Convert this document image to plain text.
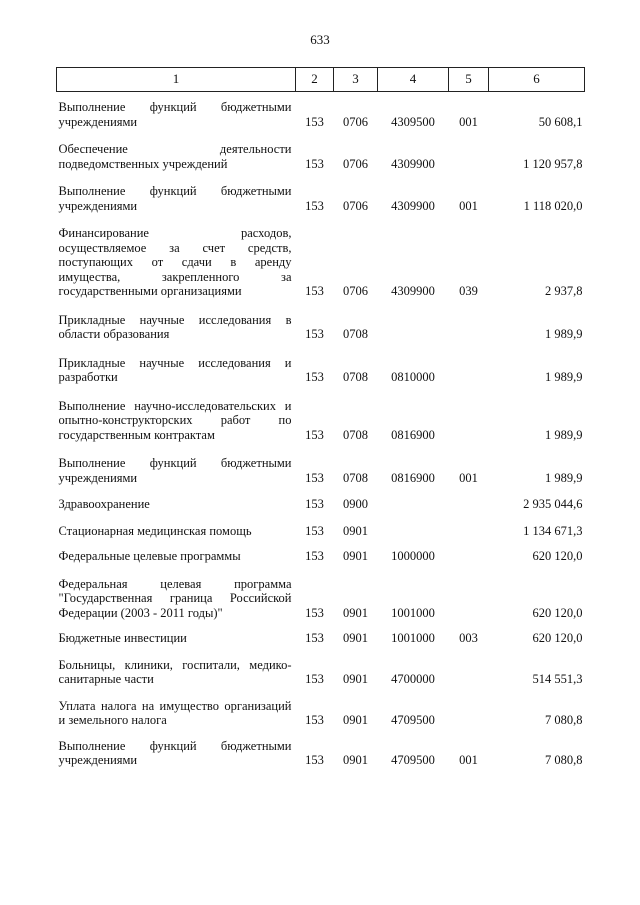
633
1	2	3	4	5	6

Выполнение функций бюджетными учреждениями	153	0706	4309500	001	50 608,1

Обеспечение деятельности подведомственных учреждений	153	0706	4309900		1 120 957,8

Выполнение функций бюджетными учреждениями	153	0706	4309900	001	1 118 020,0

Финансирование расходов, осуществляемое за счет средств, поступающих от сдачи в аренду имущества, закрепленного за государственными организациями	153	0706	4309900	039	2 937,8

Прикладные научные исследования в области образования	153	0708			1 989,9

Прикладные научные исследования и разработки	153	0708	0810000		1 989,9

Выполнение научно-исследовательских и опытно-конструкторских работ по государственным контрактам	153	0708	0816900		1 989,9

Выполнение функций бюджетными учреждениями	153	0708	0816900	001	1 989,9

Здравоохранение	153	0900			2 935 044,6

Стационарная медицинская помощь	153	0901			1 134 671,3

Федеральные целевые программы	153	0901	1000000		620 120,0

Федеральная целевая программа "Государственная граница Российской Федерации (2003 - 2011 годы)"	153	0901	1001000		620 120,0

Бюджетные инвестиции	153	0901	1001000	003	620 120,0

Больницы, клиники, госпитали, медико-санитарные части	153	0901	4700000		514 551,3

Уплата налога на имущество организаций и земельного налога	153	0901	4709500		7 080,8

Выполнение функций бюджетными учреждениями	153	0901	4709500	001	7 080,8
